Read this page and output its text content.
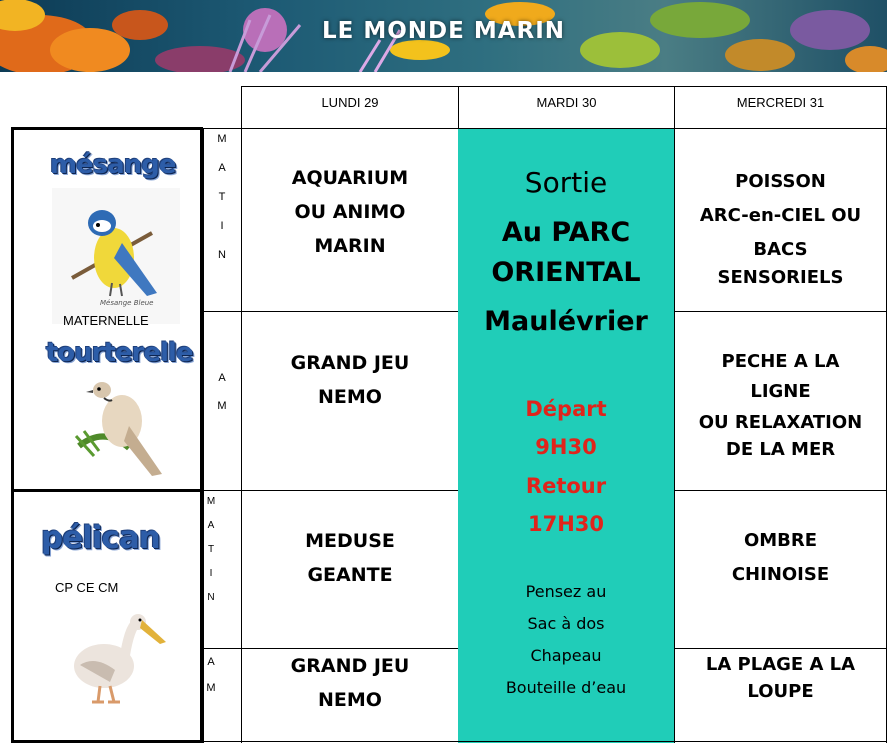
LE MONDE MARIN
LUNDI 29	MARDI 30	MERCREDI 31
M
A
T
I
N
A
M
M
A
T
I
N
A
M
mésange
Mésange Bleue
MATERNELLE
tourterelle
pélican
CP CE CM
AQUARIUM
OU ANIMO
MARIN
GRAND JEU
NEMO
MEDUSE
GEANTE
GRAND JEU
NEMO
Sortie
Au PARC
ORIENTAL
Maulévrier
Départ
9H30
Retour
17H30
Pensez au
Sac à dos
Chapeau
Bouteille d’eau
POISSON
ARC-en-CIEL OU
BACS
SENSORIELS
PECHE A LA
LIGNE
OU RELAXATION
DE LA MER
OMBRE
CHINOISE
LA PLAGE A LA
LOUPE
